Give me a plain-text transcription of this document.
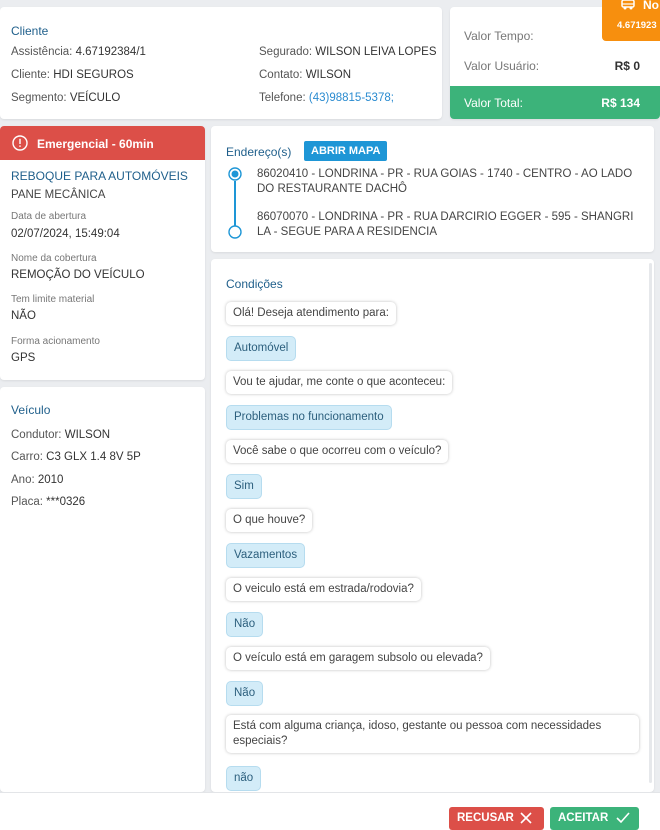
Cliente
Assistência: 4.67192384/1
Cliente: HDI SEGUROS
Segmento: VEÍCULO
Segurado: WILSON LEIVA LOPES
Contato: WILSON
Telefone: (43)98815-5378;
Valor Tempo:
Valor Usuário:	R$ 0
Valor Total:	R$ 134
No
4.671923
Emergencial - 60min
REBOQUE PARA AUTOMÓVEIS
PANE MECÂNICA
Data de abertura
02/07/2024, 15:49:04
Nome da cobertura
REMOÇÃO DO VEÍCULO
Tem limite material
NÃO
Forma acionamento
GPS
Veículo
Condutor: WILSON
Carro: C3 GLX 1.4 8V 5P
Ano: 2010
Placa: ***0326
Endereço(s)	ABRIR MAPA
86020410 - LONDRINA - PR - RUA GOIAS - 1740 - CENTRO - AO LADO DO RESTAURANTE DACHÔ
86070070 - LONDRINA - PR - RUA DARCIRIO EGGER - 595 - SHANGRI LA - SEGUE PARA A RESIDENCIA
Condições
Olá! Deseja atendimento para:
Automóvel
Vou te ajudar, me conte o que aconteceu:
Problemas no funcionamento
Você sabe o que ocorreu com o veículo?
Sim
O que houve?
Vazamentos
O veiculo está em estrada/rodovia?
Não
O veículo está em garagem subsolo ou elevada?
Não
Está com alguma criança, idoso, gestante ou pessoa com necessidades especiais?
não
RECUSAR	ACEITAR
